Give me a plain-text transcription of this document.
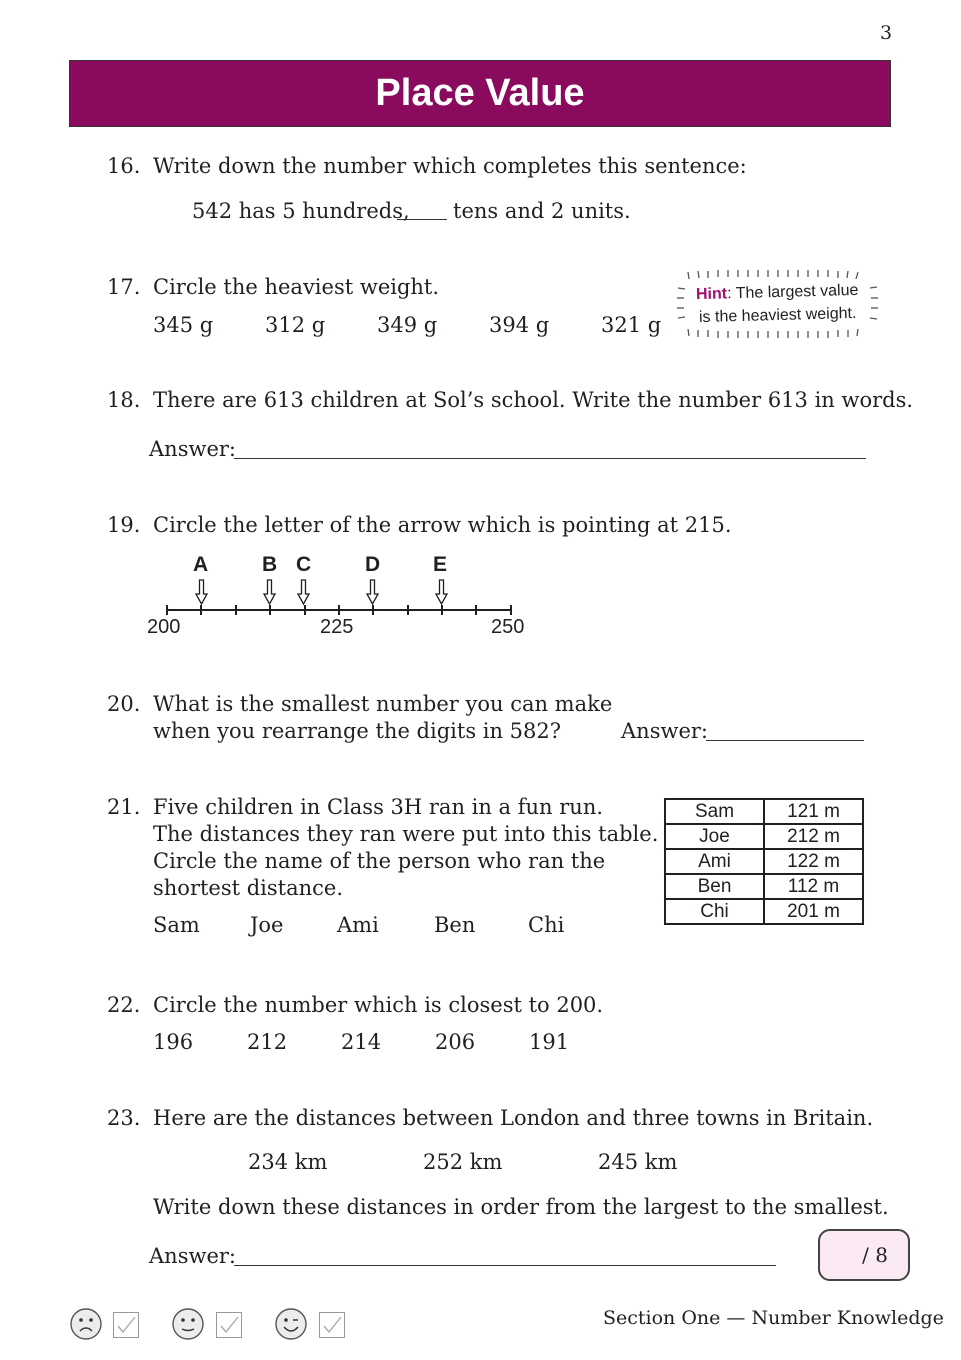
3
Place Value
16. Write down the number which completes this sentence:
542 has 5 hundreds, tens and 2 units.
17. Circle the heaviest weight.
345 g 312 g 349 g 394 g 321 g
Hint: The largest value
is the heaviest weight.
18. There are 613 children at Sol’s school. Write the number 613 in words.
Answer:
19. Circle the letter of the arrow which is pointing at 215.
A	B C	D	E
200	225	250
20. What is the smallest number you can make
when you rearrange the digits in 582?	Answer:
21. Five children in Class 3H ran in a fun run.
The distances they ran were put into this table.
Circle the name of the person who ran the
shortest distance.
Sam Joe	Ami	Ben	Chi
Sam	121 m
Joe	212 m
Ami	122 m
Ben	112 m
Chi	201 m
22. Circle the number which is closest to 200.
196	212	214	206	191
23. Here are the distances between London and three towns in Britain.
234 km	252 km	245 km
Write down these distances in order from the largest to the smallest.
Answer:	/ 8
Section One — Number Knowledge
